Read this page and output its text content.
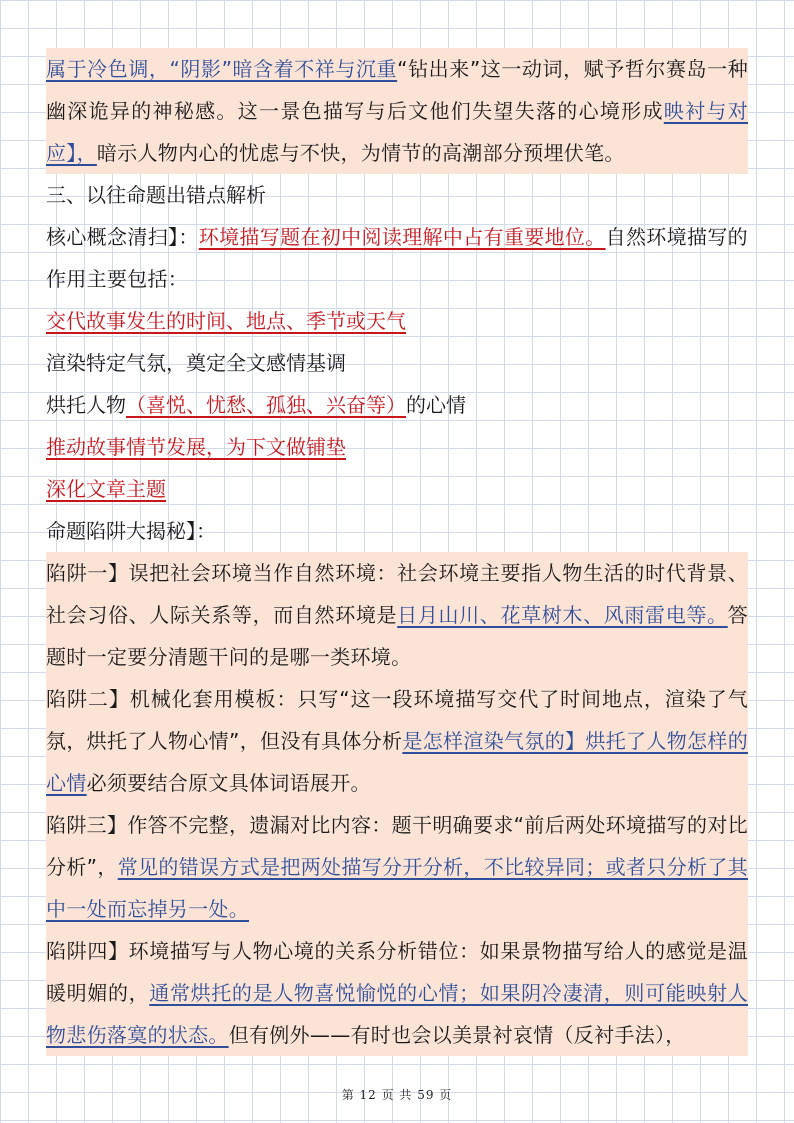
属于冷色调，“阴影”暗含着不祥与沉重“钻出来”这一动词，赋予哲尔赛岛一种幽深诡异的神秘感。这一景色描写与后文他们失望失落的心境形成映衬与对应】，暗示人物内心的忧虑与不快，为情节的高潮部分预埋伏笔。
三、以往命题出错点解析
核心概念清扫】：环境描写题在初中阅读理解中占有重要地位。自然环境描写的作用主要包括：
交代故事发生的时间、地点、季节或天气
渲染特定气氛，奠定全文感情基调
烘托人物（喜悦、忧愁、孤独、兴奋等）的心情
推动故事情节发展，为下文做铺垫
深化文章主题
命题陷阱大揭秘】：
陷阱一】误把社会环境当作自然环境：社会环境主要指人物生活的时代背景、社会习俗、人际关系等，而自然环境是日月山川、花草树木、风雨雷电等。答题时一定要分清题干问的是哪一类环境。
陷阱二】机械化套用模板：只写“这一段环境描写交代了时间地点，渲染了气氛，烘托了人物心情”，但没有具体分析是怎样渲染气氛的】烘托了人物怎样的心情必须要结合原文具体词语展开。
陷阱三】作答不完整，遗漏对比内容：题干明确要求“前后两处环境描写的对比分析”，常见的错误方式是把两处描写分开分析，不比较异同；或者只分析了其中一处而忘掉另一处。
陷阱四】环境描写与人物心境的关系分析错位：如果景物描写给人的感觉是温暖明媚的，通常烘托的是人物喜悦愉悦的心情；如果阴冷凄清，则可能映射人物悲伤落寞的状态。但有例外——有时也会以美景衬哀情（反衬手法），
第 12 页 共 59 页
